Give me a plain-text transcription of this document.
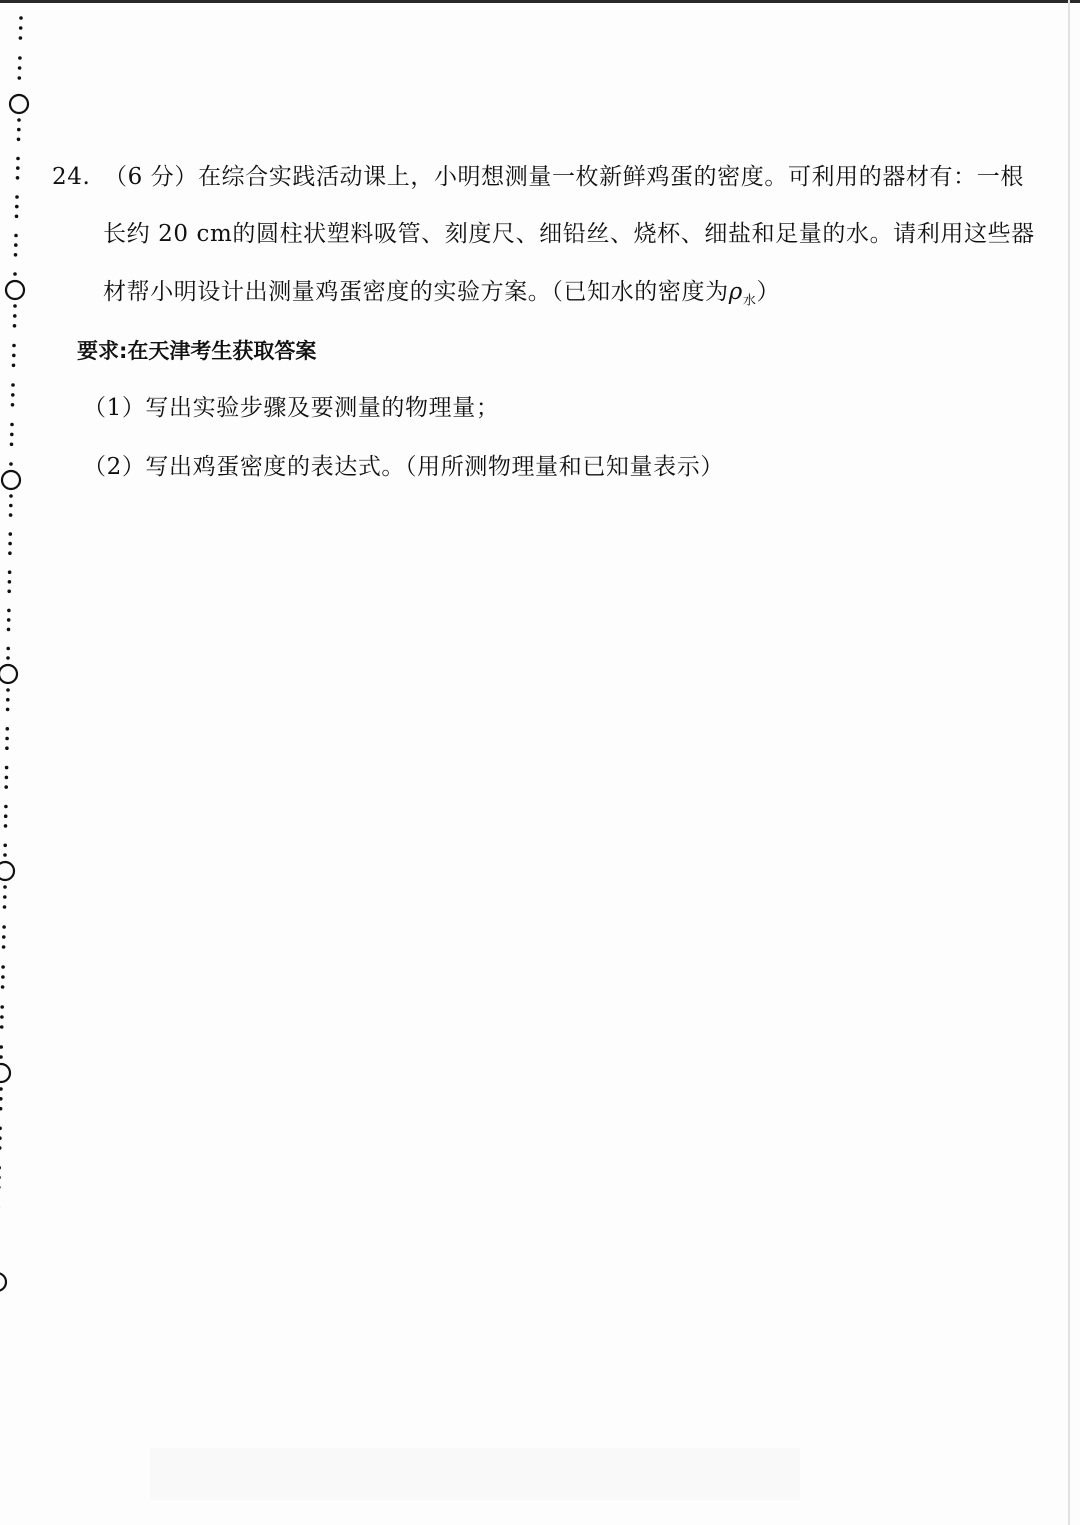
24. （6 分）在综合实践活动课上，小明想测量一枚新鲜鸡蛋的密度。可利用的器材有：一根
长约 20 cm的圆柱状塑料吸管、刻度尺、细铅丝、烧杯、细盐和足量的水。请利用这些器
材帮小明设计出测量鸡蛋密度的实验方案。（已知水的密度为$\rho_水$）
要求:在天津考生获取答案
（1）写出实验步骤及要测量的物理量；
（2）写出鸡蛋密度的表达式。（用所测物理量和已知量表示）
